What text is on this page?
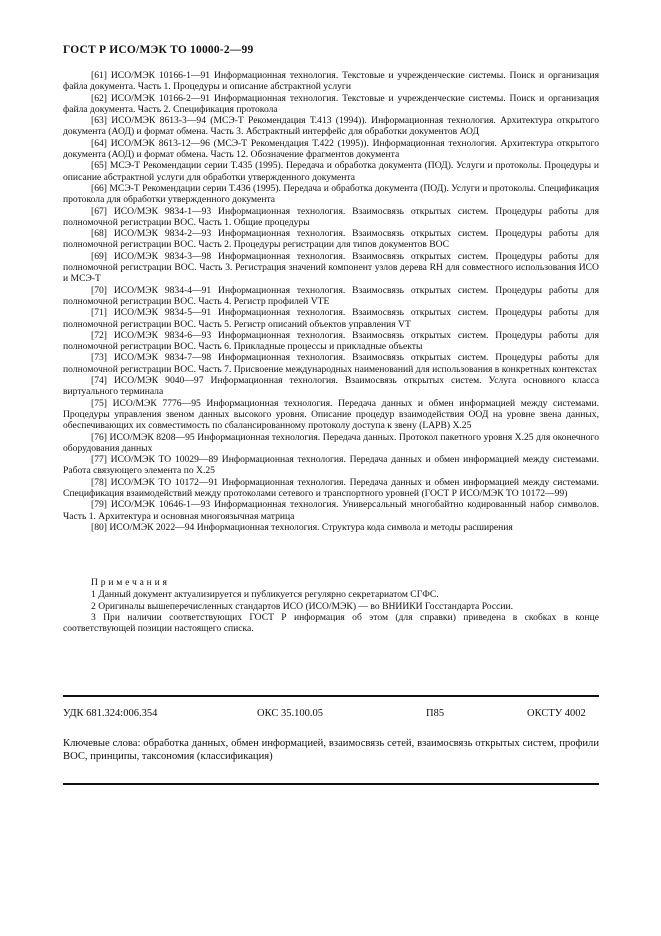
ГОСТ Р ИСО/МЭК ТО 10000-2—99

[61] ИСО/МЭК 10166-1—91 Информационная технология. Текстовые и учрежденческие системы. Поиск и организация файла документа. Часть 1. Процедуры и описание абстрактной услуги

[62] ИСО/МЭК 10166-2—91 Информационная технология. Текстовые и учрежденческие системы. Поиск и организация файла документа. Часть 2. Спецификация протокола

[63] ИСО/МЭК 8613-3—94 (МСЭ-Т Рекомендация Т.413 (1994)). Информационная технология. Архитектура открытого документа (АОД) и формат обмена. Часть 3. Абстрактный интерфейс для обработки документов АОД

[64] ИСО/МЭК 8613-12—96 (МСЭ-Т Рекомендация Т.422 (1995)). Информационная технология. Архитектура открытого документа (АОД) и формат обмена. Часть 12. Обозначение фрагментов документа

[65] МСЭ-Т Рекомендации серии Т.435 (1995). Передача и обработка документа (ПОД). Услуги и протоколы. Процедуры и описание абстрактной услуги для обработки утвержденного документа

[66] МСЭ-Т Рекомендации серии Т.436 (1995). Передача и обработка документа (ПОД). Услуги и протоколы. Спецификация протокола для обработки утвержденного документа

[67] ИСО/МЭК 9834-1—93 Информационная технология. Взаимосвязь открытых систем. Процедуры работы для полномочной регистрации ВОС. Часть 1. Общие процедуры

[68] ИСО/МЭК 9834-2—93 Информационная технология. Взаимосвязь открытых систем. Процедуры работы для полномочной регистрации ВОС. Часть 2. Процедуры регистрации для типов документов ВОС

[69] ИСО/МЭК 9834-3—98 Информационная технология. Взаимосвязь открытых систем. Процедуры работы для полномочной регистрации ВОС. Часть 3. Регистрация значений компонент узлов дерева RH для совместного использования ИСО и МСЭ-Т

[70] ИСО/МЭК 9834-4—91 Информационная технология. Взаимосвязь открытых систем. Процедуры работы для полномочной регистрации ВОС. Часть 4. Регистр профилей VTE

[71] ИСО/МЭК 9834-5—91 Информационная технология. Взаимосвязь открытых систем. Процедуры работы для полномочной регистрации ВОС. Часть 5. Регистр описаний объектов управления VT

[72] ИСО/МЭК 9834-6—93 Информационная технология. Взаимосвязь открытых систем. Процедуры работы для полномочной регистрации ВОС. Часть 6. Прикладные процессы и прикладные объекты

[73] ИСО/МЭК 9834-7—98 Информационная технология. Взаимосвязь открытых систем. Процедуры работы для полномочной регистрации ВОС. Часть 7. Присвоение международных наименований для использования в конкретных контекстах

[74] ИСО/МЭК 9040—97 Информационная технология. Взаимосвязь открытых систем. Услуга основного класса виртуального терминала

[75] ИСО/МЭК 7776—95 Информационная технология. Передача данных и обмен информацией между системами. Процедуры управления звеном данных высокого уровня. Описание процедур взаимодействия ООД на уровне звена данных, обеспечивающих их совместимость по сбалансированному протоколу доступа к звену (LAPB) X.25

[76] ИСО/МЭК 8208—95 Информационная технология. Передача данных. Протокол пакетного уровня X.25 для оконечного оборудования данных

[77] ИСО/МЭК ТО 10029—89 Информационная технология. Передача данных и обмен информацией между системами. Работа связующего элемента по X.25

[78] ИСО/МЭК ТО 10172—91 Информационная технология. Передача данных и обмен информацией между системами. Спецификация взаимодействий между протоколами сетевого и транспортного уровней (ГОСТ Р ИСО/МЭК ТО 10172—99)

[79] ИСО/МЭК 10646-1—93 Информационная технология. Универсальный многобайтно кодированный набор символов. Часть 1. Архитектура и основная многоязычная матрица

[80] ИСО/МЭК 2022—94 Информационная технология. Структура кода символа и методы расширения

Примечания

1 Данный документ актуализируется и публикуется регулярно секретариатом СГФС.

2 Оригиналы вышеперечисленных стандартов ИСО (ИСО/МЭК) — во ВНИИКИ Госстандарта России.

3 При наличии соответствующих ГОСТ Р информация об этом (для справки) приведена в скобках в конце соответствующей позиции настоящего списка.

УДК 681.324:006.354	ОКС 35.100.05	П85	ОКСТУ 4002
Ключевые слова: обработка данных, обмен информацией, взаимосвязь сетей, взаимосвязь открытых систем, профили ВОС, принципы, таксономия (классификация)
